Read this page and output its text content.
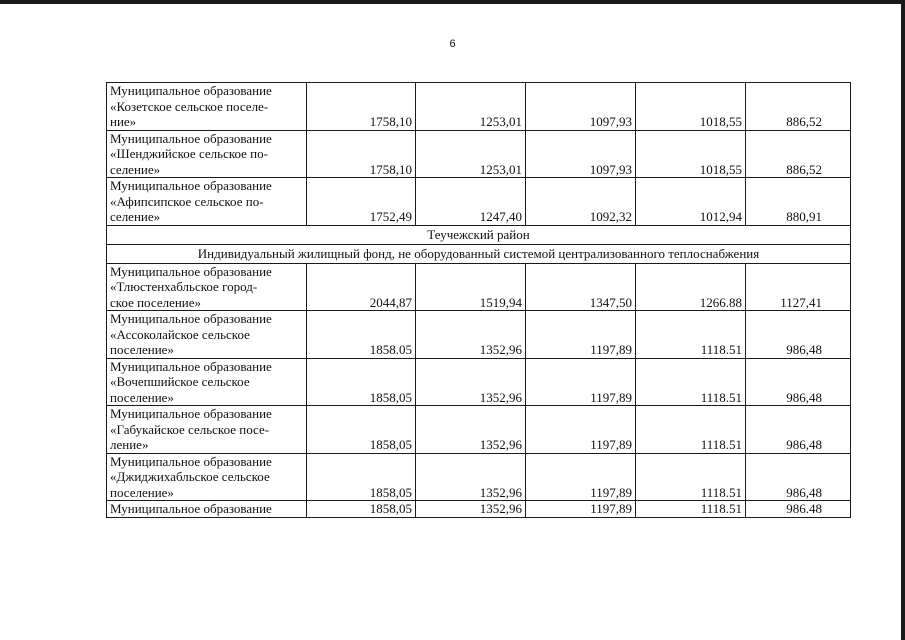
6
Муниципальное образование
«Козетское сельское поселе-
ние»	1758,10	1253,01	1097,93	1018,55	886,52

Муниципальное образование
«Шенджийское сельское по-
селение»	1758,10	1253,01	1097,93	1018,55	886,52

Муниципальное образование
«Афипсипское сельское по-
селение»	1752,49	1247,40	1092,32	1012,94	880,91
Теучежский район					
Индивидуальный жилищный фонд, не оборудованный системой централизованного теплоснабжения					

Муниципальное образование
«Тлюстенхабльское город-
ское поселение»	2044,87	1519,94	1347,50	1266.88	1127,41

Муниципальное образование
«Ассоколайское сельское
поселение»	1858.05	1352,96	1197,89	1118.51	986,48

Муниципальное образование
«Вочепшийское сельское
поселение»	1858,05	1352,96	1197,89	1118.51	986,48

Муниципальное образование
«Габукайское сельское посе-
ление»	1858,05	1352,96	1197,89	1118.51	986,48

Муниципальное образование
«Джиджихабльское сельское
поселение»	1858,05	1352,96	1197,89	1118.51	986,48

Муниципальное образование	1858,05	1352,96	1197,89	1118.51	986.48
